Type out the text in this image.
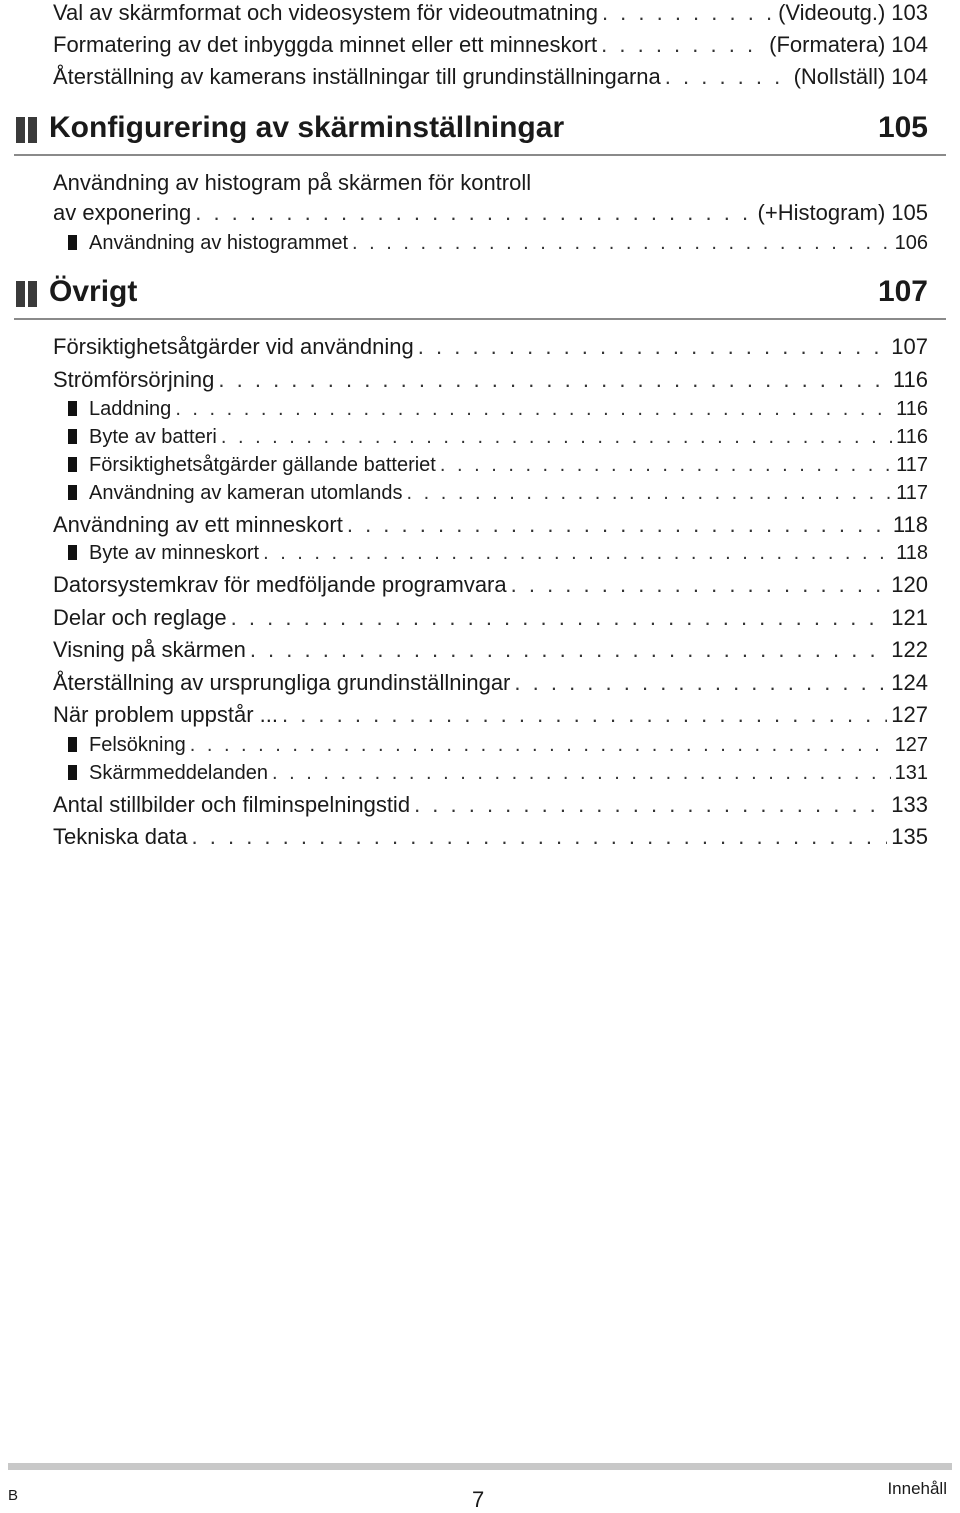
Val av skärmformat och videosystem för videoutmatning . . .	(Videoutg.) 103
Formatering av det inbyggda minnet eller ett minneskort . . .	(Formatera) 104
Återställning av kamerans inställningar till grundinställningarna . . .	(Nollställ) 104
Konfigurering av skärminställningar	105
Användning av histogram på skärmen för kontroll
av exponering . . .	(+Histogram) 105
Användning av histogrammet . . .	106
Övrigt	107
Försiktighetsåtgärder vid användning . . .	107
Strömförsörjning . . .	116
Laddning . . .	116
Byte av batteri . . .	116
Försiktighetsåtgärder gällande batteriet . . .	117
Användning av kameran utomlands . . .	117
Användning av ett minneskort . . .	118
Byte av minneskort . . .	118
Datorsystemkrav för medföljande programvara . . .	120
Delar och reglage . . .	121
Visning på skärmen . . .	122
Återställning av ursprungliga grundinställningar . . .	124
När problem uppstår ... . . .	127
Felsökning . . .	127
Skärmmeddelanden . . .	131
Antal stillbilder och filminspelningstid . . .	133
Tekniska data . . .	135
B	7	Innehåll
